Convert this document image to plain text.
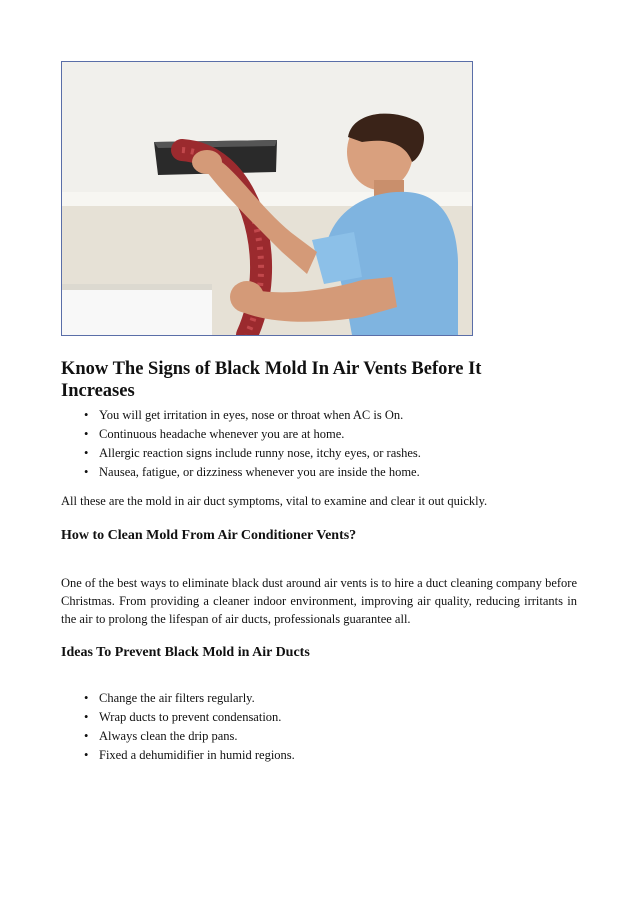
Know The Signs of Black Mold In Air Vents Before It Increases
• You will get irritation in eyes, nose or throat when AC is On.
• Continuous headache whenever you are at home.
• Allergic reaction signs include runny nose, itchy eyes, or rashes.
• Nausea, fatigue, or dizziness whenever you are inside the home.

All these are the mold in air duct symptoms, vital to examine and clear it out quickly.

How to Clean Mold From Air Conditioner Vents?

One of the best ways to eliminate black dust around air vents is to hire a duct cleaning company before Christmas. From providing a cleaner indoor environment, improving air quality, reducing irritants in the air to prolong the lifespan of air ducts, professionals guarantee all.

Ideas To Prevent Black Mold in Air Ducts
• Change the air filters regularly.
• Wrap ducts to prevent condensation.
• Always clean the drip pans.
• Fixed a dehumidifier in humid regions.
